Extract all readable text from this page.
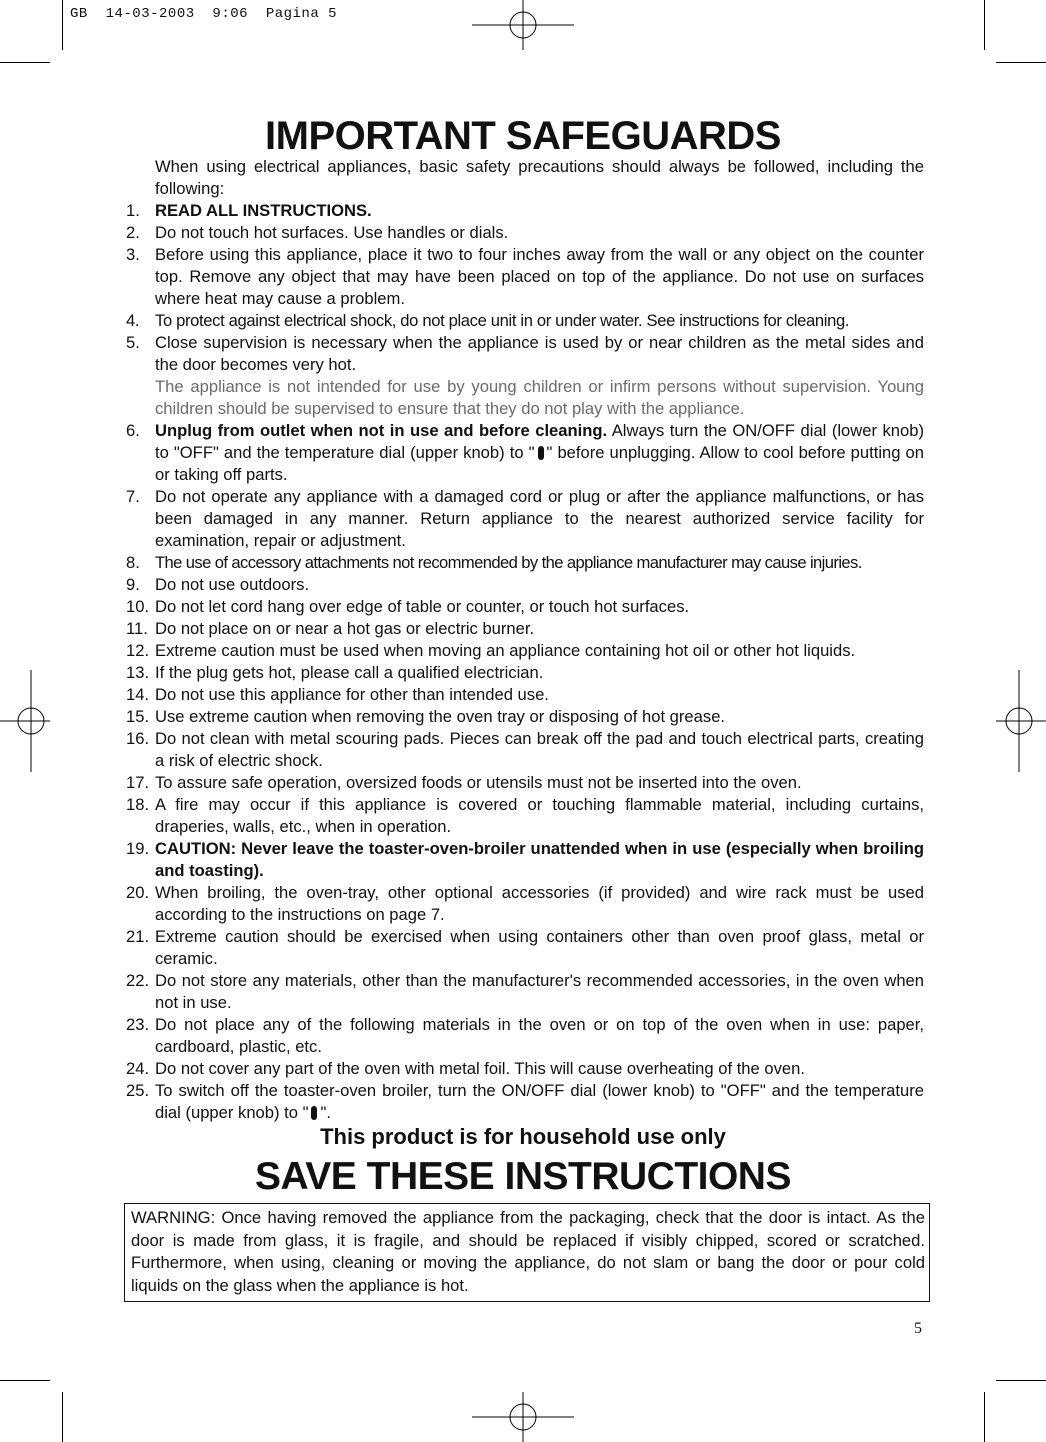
GB  14-03-2003  9:06  Pagina 5
IMPORTANT SAFEGUARDS

When using electrical appliances, basic safety precautions should always be followed, including the following:

1. READ ALL INSTRUCTIONS.
2. Do not touch hot surfaces. Use handles or dials.
3. Before using this appliance, place it two to four inches away from the wall or any object on the counter top. Remove any object that may have been placed on top of the appliance. Do not use on surfaces where heat may cause a problem.
4. To protect against electrical shock, do not place unit in or under water. See instructions for cleaning.
5. Close supervision is necessary when the appliance is used by or near children as the metal sides and the door becomes very hot.
The appliance is not intended for use by young children or infirm persons without supervision. Young children should be supervised to ensure that they do not play with the appliance.
6. Unplug from outlet when not in use and before cleaning. Always turn the ON/OFF dial (lower knob) to "OFF" and the temperature dial (upper knob) to " " before unplugging. Allow to cool before putting on or taking off parts.
7. Do not operate any appliance with a damaged cord or plug or after the appliance malfunctions, or has been damaged in any manner. Return appliance to the nearest authorized service facility for examination, repair or adjustment.
8. The use of accessory attachments not recommended by the appliance manufacturer may cause injuries.
9. Do not use outdoors.
10. Do not let cord hang over edge of table or counter, or touch hot surfaces.
11. Do not place on or near a hot gas or electric burner.
12. Extreme caution must be used when moving an appliance containing hot oil or other hot liquids.
13. If the plug gets hot, please call a qualified electrician.
14. Do not use this appliance for other than intended use.
15. Use extreme caution when removing the oven tray or disposing of hot grease.
16. Do not clean with metal scouring pads. Pieces can break off the pad and touch electrical parts, creating a risk of electric shock.
17. To assure safe operation, oversized foods or utensils must not be inserted into the oven.
18. A fire may occur if this appliance is covered or touching flammable material, including curtains, draperies, walls, etc., when in operation.
19. CAUTION: Never leave the toaster-oven-broiler unattended when in use (especially when broiling and toasting).
20. When broiling, the oven-tray, other optional accessories (if provided) and wire rack must be used according to the instructions on page 7.
21. Extreme caution should be exercised when using containers other than oven proof glass, metal or ceramic.
22. Do not store any materials, other than the manufacturer's recommended accessories, in the oven when not in use.
23. Do not place any of the following materials in the oven or on top of the oven when in use: paper, cardboard, plastic, etc.
24. Do not cover any part of the oven with metal foil. This will cause overheating of the oven.
25. To switch off the toaster-oven broiler, turn the ON/OFF dial (lower knob) to "OFF" and the temperature dial (upper knob) to " ".
This product is for household use only
SAVE THESE INSTRUCTIONS
WARNING: Once having removed the appliance from the packaging, check that the door is intact. As the door is made from glass, it is fragile, and should be replaced if visibly chipped, scored or scratched. Furthermore, when using, cleaning or moving the appliance, do not slam or bang the door or pour cold liquids on the glass when the appliance is hot.
5
